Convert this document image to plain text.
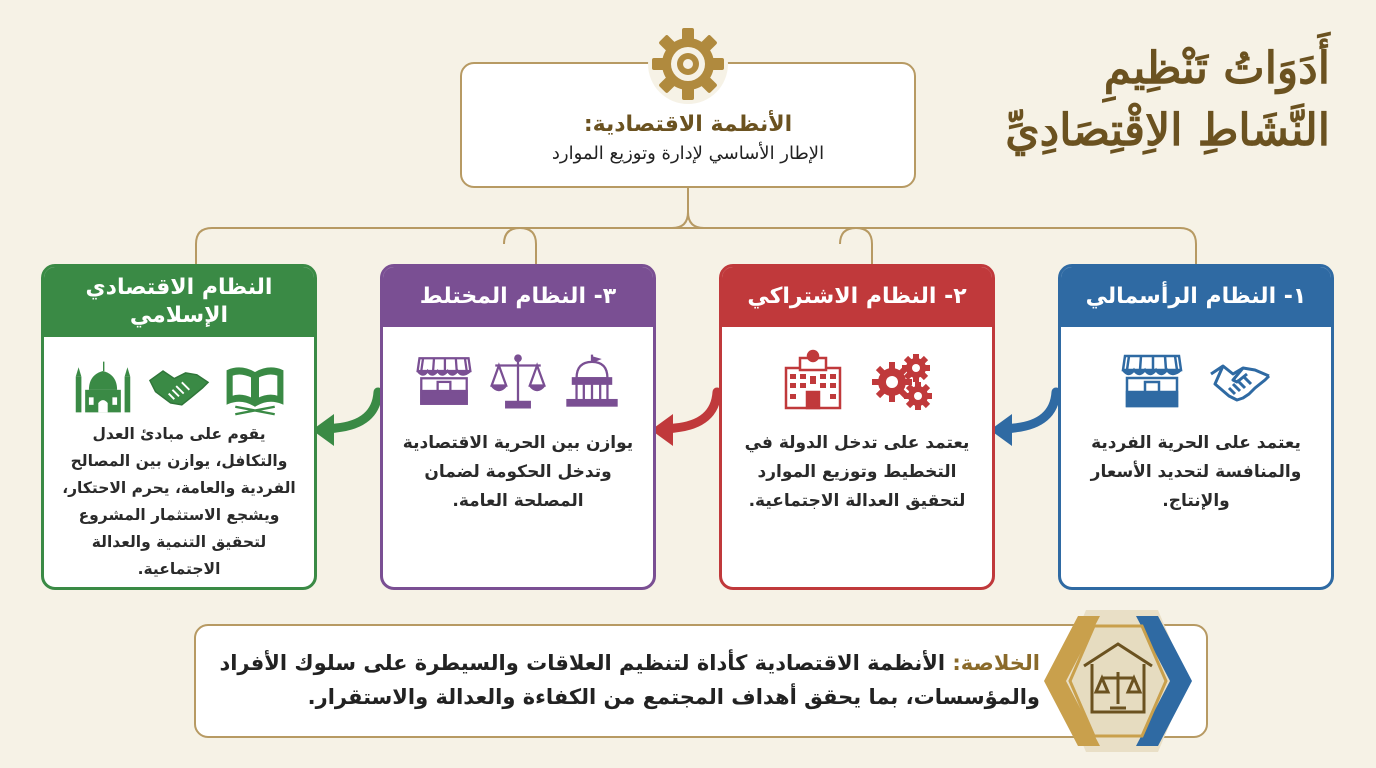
أَدَوَاتُ تَنْظِيمِ
النَّشَاطِ الاِقْتِصَادِيِّ
الأنظمة الاقتصادية:
الإطار الأساسي لإدارة وتوزيع الموارد
١- النظام الرأسمالي
يعتمد على الحرية الفردية والمنافسة لتحديد الأسعار والإنتاج.
٢- النظام الاشتراكي
يعتمد على تدخل الدولة في التخطيط وتوزيع الموارد لتحقيق العدالة الاجتماعية.
٣- النظام المختلط
يوازن بين الحرية الاقتصادية وتدخل الحكومة لضمان المصلحة العامة.
النظام الاقتصادي الإسلامي
يقوم على مبادئ العدل والتكافل، يوازن بين المصالح الفردية والعامة، يحرم الاحتكار، ويشجع الاستثمار المشروع لتحقيق التنمية والعدالة الاجتماعية.
الخلاصة: الأنظمة الاقتصادية كأداة لتنظيم العلاقات والسيطرة على سلوك الأفراد والمؤسسات، بما يحقق أهداف المجتمع من الكفاءة والعدالة والاستقرار.
